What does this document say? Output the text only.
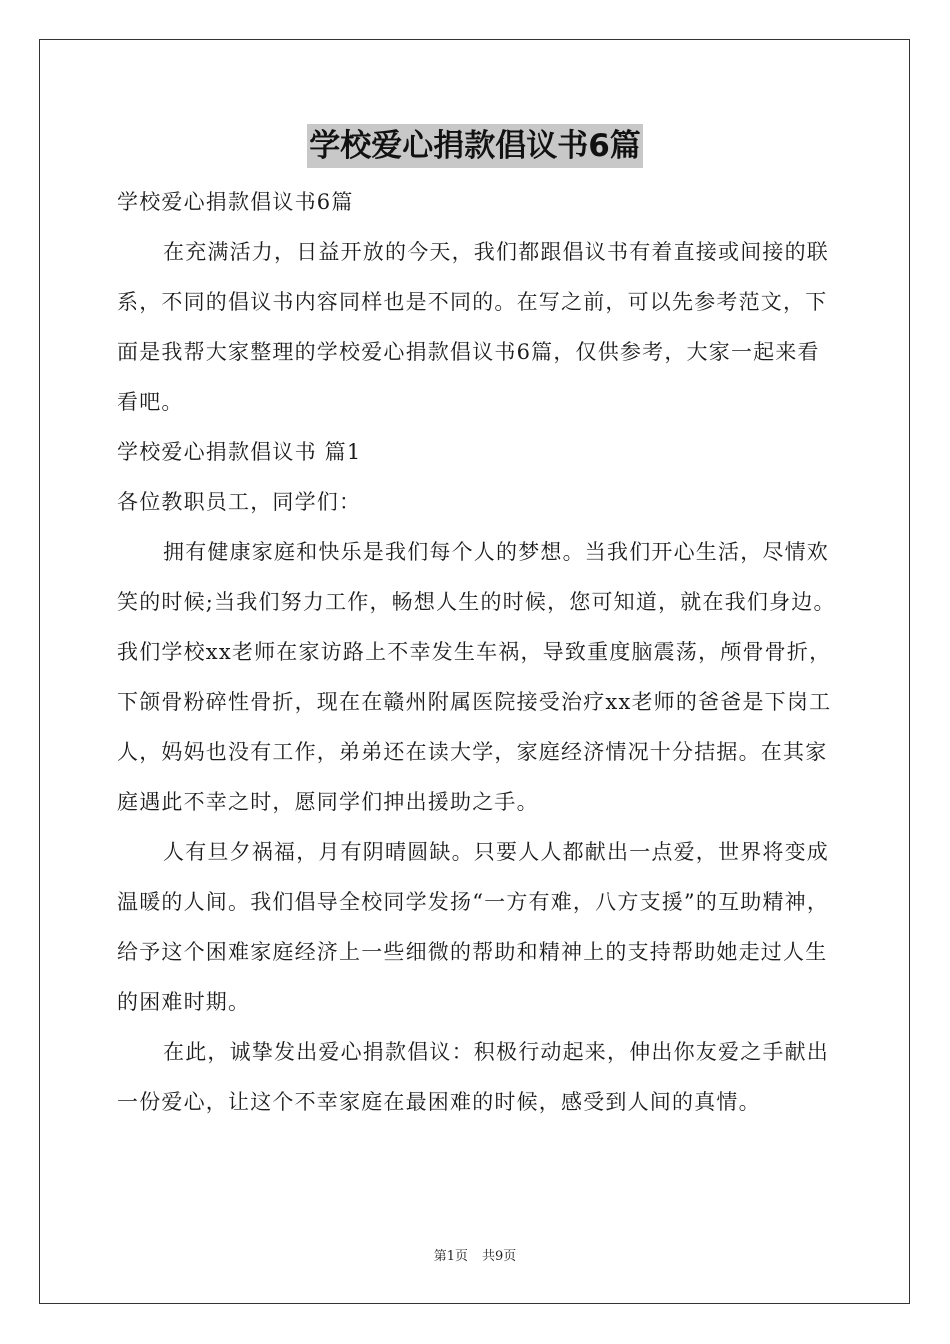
学校爱心捐款倡议书6篇

学校爱心捐款倡议书6篇

在充满活力，日益开放的今天，我们都跟倡议书有着直接或间接的联系，不同的倡议书内容同样也是不同的。在写之前，可以先参考范文，下面是我帮大家整理的学校爱心捐款倡议书6篇，仅供参考，大家一起来看看吧。

学校爱心捐款倡议书 篇1

各位教职员工，同学们：

拥有健康家庭和快乐是我们每个人的梦想。当我们开心生活，尽情欢笑的时候;当我们努力工作，畅想人生的时候，您可知道，就在我们身边。我们学校xx老师在家访路上不幸发生车祸，导致重度脑震荡，颅骨骨折，下颌骨粉碎性骨折，现在在赣州附属医院接受治疗xx老师的爸爸是下岗工人，妈妈也没有工作，弟弟还在读大学，家庭经济情况十分拮据。在其家庭遇此不幸之时，愿同学们抻出援助之手。

人有旦夕祸福，月有阴晴圆缺。只要人人都献出一点爱，世界将变成温暖的人间。我们倡导全校同学发扬“一方有难，八方支援”的互助精神，给予这个困难家庭经济上一些细微的帮助和精神上的支持帮助她走过人生的困难时期。

在此，诚挚发出爱心捐款倡议：积极行动起来，伸出你友爱之手献出一份爱心，让这个不幸家庭在最困难的时候，感受到人间的真情。

第1页 共9页
